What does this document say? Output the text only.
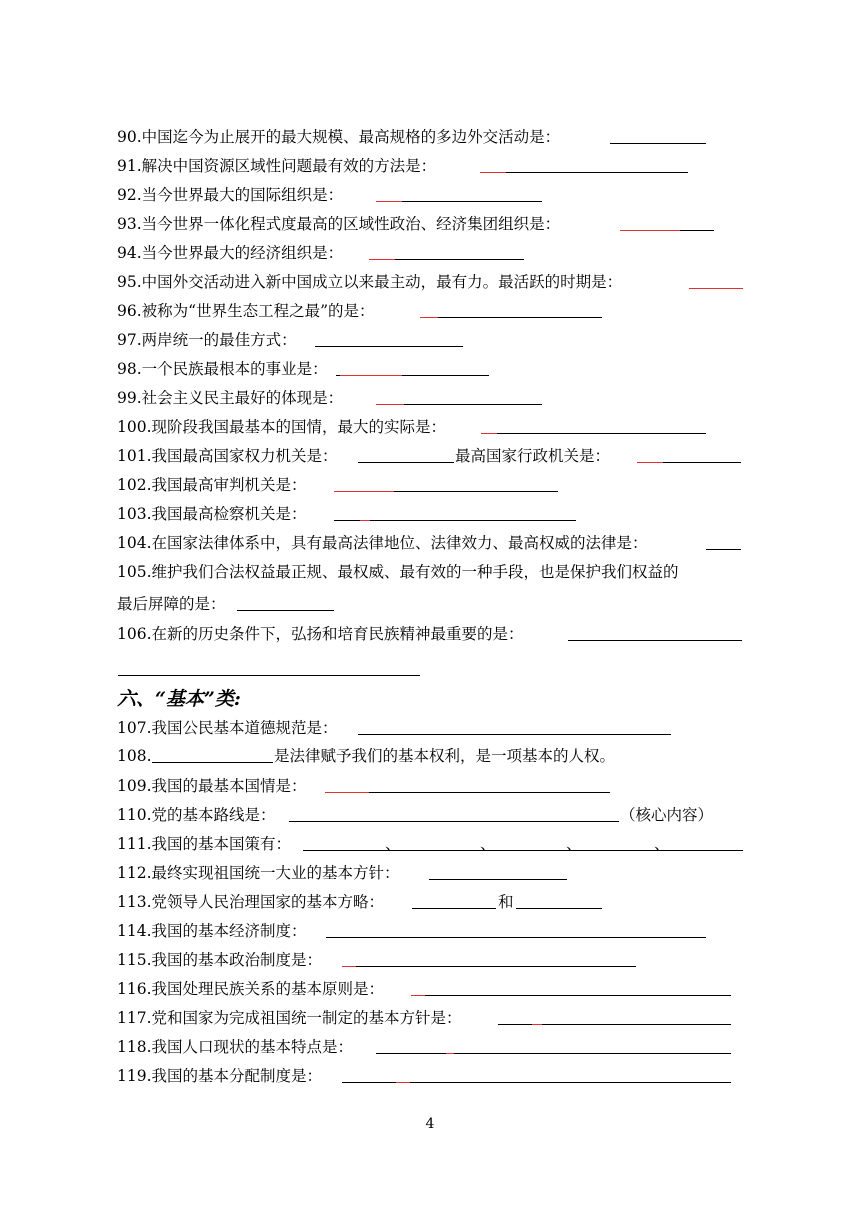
90.中国迄今为止展开的最大规模、最高规格的多边外交活动是：
91.解决中国资源区域性问题最有效的方法是：
92.当今世界最大的国际组织是：
93.当今世界一体化程式度最高的区域性政治、经济集团组织是：
94.当今世界最大的经济组织是：
95.中国外交活动进入新中国成立以来最主动，最有力。最活跃的时期是：
96.被称为“世界生态工程之最”的是：
97.两岸统一的最佳方式：
98.一个民族最根本的事业是：
99.社会主义民主最好的体现是：
100.现阶段我国最基本的国情，最大的实际是：
101.我国最高国家权力机关是：	最高国家行政机关是：
102.我国最高审判机关是：
103.我国最高检察机关是：
104.在国家法律体系中，具有最高法律地位、法律效力、最高权威的法律是：
105.维护我们合法权益最正规、最权威、最有效的一种手段，也是保护我们权益的
最后屏障的是：
106.在新的历史条件下，弘扬和培育民族精神最重要的是：
六、“基本”类:
107.我国公民基本道德规范是：
108.	是法律赋予我们的基本权利，是一项基本的人权。
109.我国的最基本国情是：
110.党的基本路线是：	（核心内容）
111.我国的基本国策有：	、	、	、	、
112.最终实现祖国统一大业的基本方针：
113.党领导人民治理国家的基本方略：	和
114.我国的基本经济制度：
115.我国的基本政治制度是：
116.我国处理民族关系的基本原则是：
117.党和国家为完成祖国统一制定的基本方针是：
118.我国人口现状的基本特点是：
119.我国的基本分配制度是：
4
